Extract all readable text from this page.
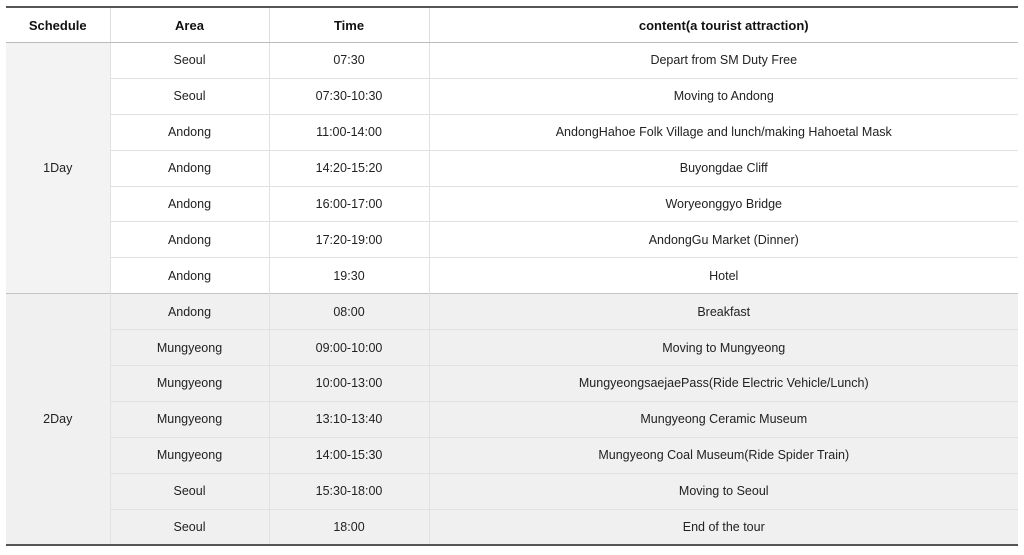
Schedule	Area	Time	content(a tourist attraction)
1Day	Seoul	07:30	Depart from SM Duty Free
	Seoul	07:30-10:30	Moving to Andong
	Andong	11:00-14:00	AndongHahoe Folk Village and lunch/making Hahoetal Mask
	Andong	14:20-15:20	Buyongdae Cliff
	Andong	16:00-17:00	Woryeonggyo Bridge
	Andong	17:20-19:00	AndongGu Market (Dinner)
	Andong	19:30	Hotel
2Day	Andong	08:00	Breakfast
	Mungyeong	09:00-10:00	Moving to Mungyeong
	Mungyeong	10:00-13:00	MungyeongsaejaePass(Ride Electric Vehicle/Lunch)
	Mungyeong	13:10-13:40	Mungyeong Ceramic Museum
	Mungyeong	14:00-15:30	Mungyeong Coal Museum(Ride Spider Train)
	Seoul	15:30-18:00	Moving to Seoul
	Seoul	18:00	End of the tour
